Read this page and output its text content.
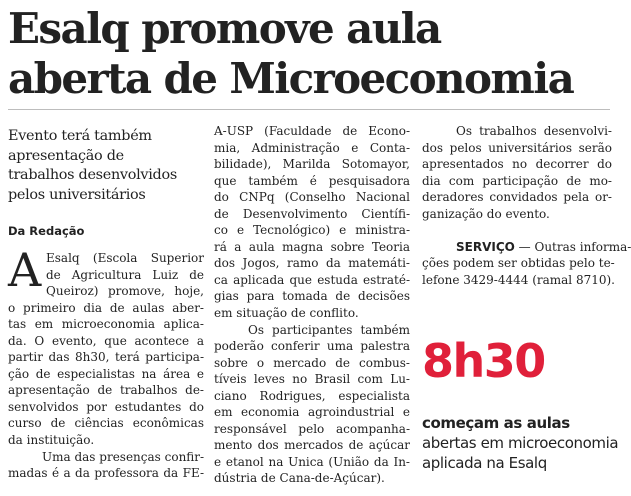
Esalq promove aula
aberta de Microeconomia
Evento terá também
apresentação de
trabalhos desenvolvidos
pelos universitários
Da Redação
A Esalq (Escola Superior
de Agricultura Luiz de
Queiroz) promove, hoje,
o primeiro dia de aulas aber-
tas em microeconomia aplica-
da. O evento, que acontece a
partir das 8h30, terá participa-
ção de especialistas na área e
apresentação de trabalhos de-
senvolvidos por estudantes do
curso de ciências econômicas
da instituição.
Uma das presenças confir-
madas é a da professora da FE-
A-USP (Faculdade de Econo-
mia, Administração e Conta-
bilidade), Marilda Sotomayor,
que também é pesquisadora
do CNPq (Conselho Nacional
de Desenvolvimento Científi-
co e Tecnológico) e ministra-
rá a aula magna sobre Teoria
dos Jogos, ramo da matemáti-
ca aplicada que estuda estraté-
gias para tomada de decisões
em situação de conflito.
Os participantes também
poderão conferir uma palestra
sobre o mercado de combus-
tíveis leves no Brasil com Lu-
ciano Rodrigues, especialista
em economia agroindustrial e
responsável pelo acompanha-
mento dos mercados de açúcar
e etanol na Unica (União da In-
dústria de Cana-de-Açúcar).
Os trabalhos desenvolvi-
dos pelos universitários serão
apresentados no decorrer do
dia com participação de mo-
deradores convidados pela or-
ganização do evento.
SERVIÇO — Outras informa-
ções podem ser obtidas pelo te-
lefone 3429-4444 (ramal 8710).
8h30
começam as aulas
abertas em microeconomia
aplicada na Esalq
